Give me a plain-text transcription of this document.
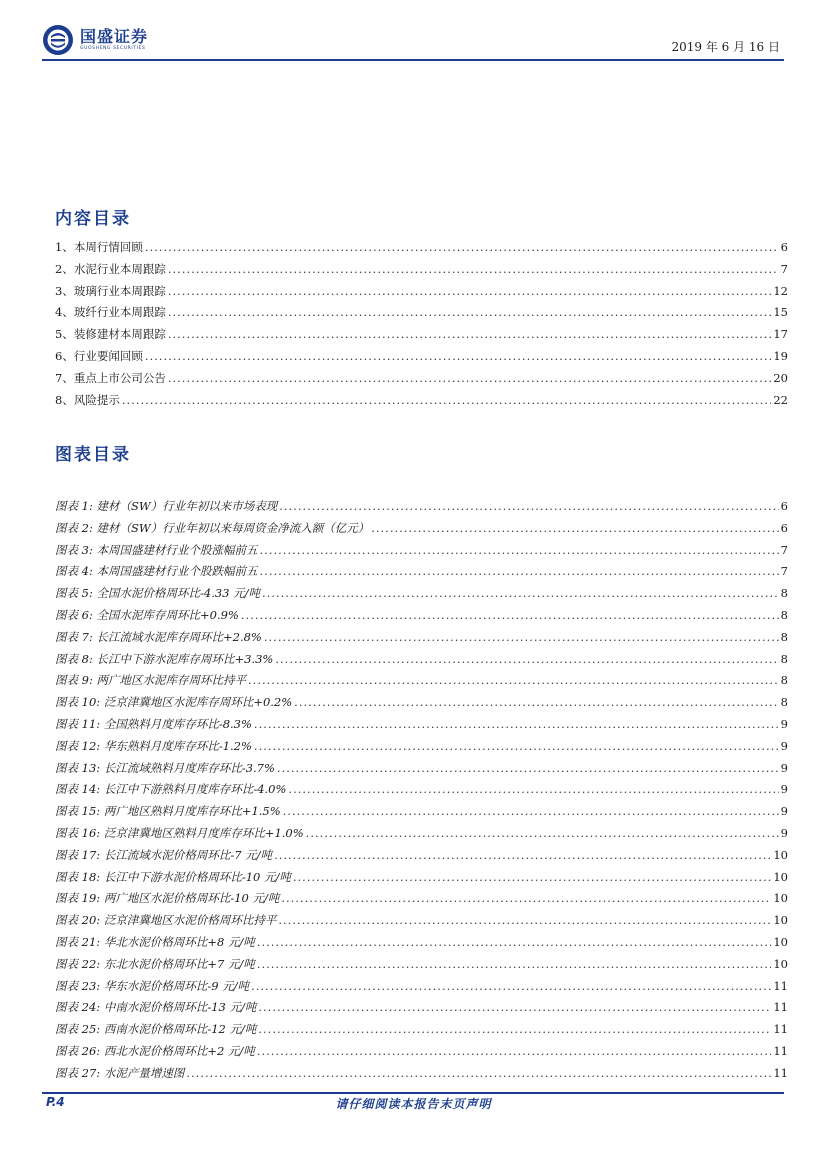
国盛证券
GUOSHENG SECURITIES	2019 年 6 月 16 日
内容目录
1、本周行情回顾 .....	6
2、水泥行业本周跟踪 .....	7
3、玻璃行业本周跟踪 .....	12
4、玻纤行业本周跟踪 .....	15
5、装修建材本周跟踪 .....	17
6、行业要闻回顾 .....	19
7、重点上市公司公告 .....	20
8、风险提示 .....	22
图表目录
图表 1: 建材（SW）行业年初以来市场表现 .....	6
图表 2: 建材（SW）行业年初以来每周资金净流入额（亿元） .....	6
图表 3: 本周国盛建材行业个股涨幅前五 .....	7
图表 4: 本周国盛建材行业个股跌幅前五 .....	7
图表 5: 全国水泥价格周环比-4.33 元/吨 .....	8
图表 6: 全国水泥库存周环比+0.9% .....	8
图表 7: 长江流域水泥库存周环比+2.8% .....	8
图表 8: 长江中下游水泥库存周环比+3.3% .....	8
图表 9: 两广地区水泥库存周环比持平 .....	8
图表 10: 泛京津冀地区水泥库存周环比+0.2% .....	8
图表 11: 全国熟料月度库存环比-8.3% .....	9
图表 12: 华东熟料月度库存环比-1.2% .....	9
图表 13: 长江流域熟料月度库存环比-3.7% .....	9
图表 14: 长江中下游熟料月度库存环比-4.0% .....	9
图表 15: 两广地区熟料月度库存环比+1.5% .....	9
图表 16: 泛京津冀地区熟料月度库存环比+1.0% .....	9
图表 17: 长江流域水泥价格周环比-7 元/吨 .....	10
图表 18: 长江中下游水泥价格周环比-10 元/吨 .....	10
图表 19: 两广地区水泥价格周环比-10 元/吨 .....	10
图表 20: 泛京津冀地区水泥价格周环比持平 .....	10
图表 21: 华北水泥价格周环比+8 元/吨 .....	10
图表 22: 东北水泥价格周环比+7 元/吨 .....	10
图表 23: 华东水泥价格周环比-9 元/吨 .....	11
图表 24: 中南水泥价格周环比-13 元/吨 .....	11
图表 25: 西南水泥价格周环比-12 元/吨 .....	11
图表 26: 西北水泥价格周环比+2 元/吨 .....	11
图表 27: 水泥产量增速图 .....	11
P.4	请仔细阅读本报告末页声明
